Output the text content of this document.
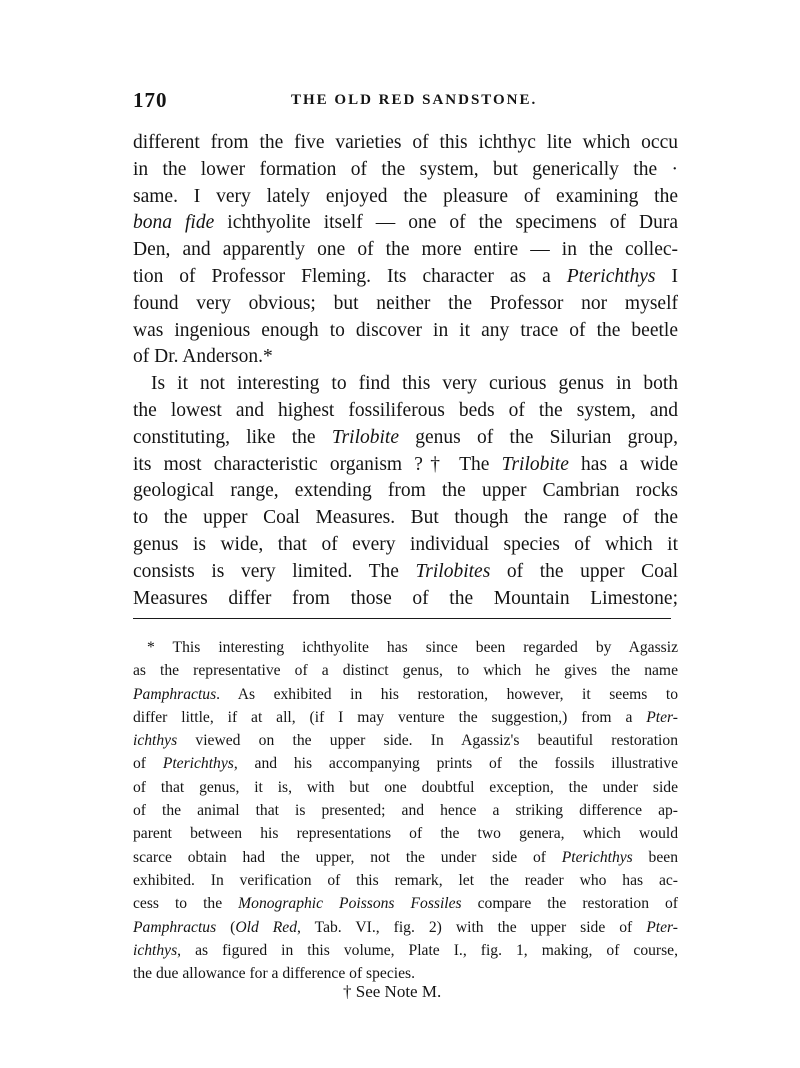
170	THE OLD RED SANDSTONE.
different from the five varieties of this ichthyc lite which occu
in the lower formation of the system, but generically the ·
same. I very lately enjoyed the pleasure of examining the
bona fide ichthyolite itself — one of the specimens of Dura
Den, and apparently one of the more entire — in the collec-
tion of Professor Fleming. Its character as a Pterichthys I
found very obvious; but neither the Professor nor myself
was ingenious enough to discover in it any trace of the beetle
of Dr. Anderson.*
Is it not interesting to find this very curious genus in both
the lowest and highest fossiliferous beds of the system, and
constituting, like the Trilobite genus of the Silurian group,
its most characteristic organism ?† The Trilobite has a wide
geological range, extending from the upper Cambrian rocks
to the upper Coal Measures. But though the range of the
genus is wide, that of every individual species of which it
consists is very limited. The Trilobites of the upper Coal
Measures differ from those of the Mountain Limestone;
* This interesting ichthyolite has since been regarded by Agassiz
as the representative of a distinct genus, to which he gives the name
Pamphractus. As exhibited in his restoration, however, it seems to
differ little, if at all, (if I may venture the suggestion,) from a Pter-
ichthys viewed on the upper side. In Agassiz's beautiful restoration
of Pterichthys, and his accompanying prints of the fossils illustrative
of that genus, it is, with but one doubtful exception, the under side
of the animal that is presented; and hence a striking difference ap-
parent between his representations of the two genera, which would
scarce obtain had the upper, not the under side of Pterichthys been
exhibited. In verification of this remark, let the reader who has ac-
cess to the Monographic Poissons Fossiles compare the restoration of
Pamphractus (Old Red, Tab. VI., fig. 2) with the upper side of Pter-
ichthys, as figured in this volume, Plate I., fig. 1, making, of course,
the due allowance for a difference of species.
† See Note M.
